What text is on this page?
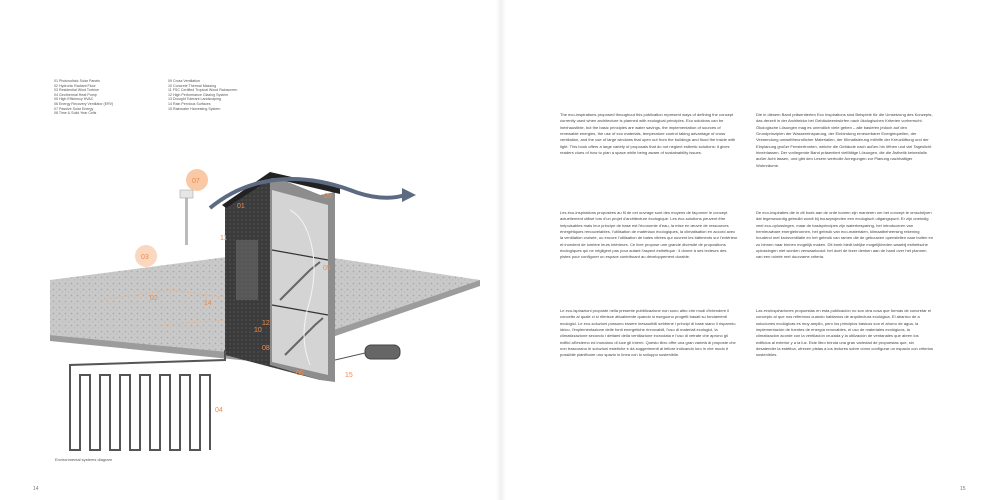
01 Photovoltaic Solar Panels
02 Hydronic Radiant Floor
03 Residential Wind Turbine
04 Geothermal Heat Pump
05 High Efficiency HVAC
06 Energy Recovery Ventilator (ERV)
07 Passive Solar Energy
08 Time & Solid Year Cells
09 Cross Ventilation
10 Concrete Thermal Massing
11 FSC Certified Tropical Wood Rainscreen
12 High Performance Glazing System
13 Drought Tolerant Landscaping
14 Rain Pervious Surfaces
15 Rainwater Harvesting System
07
03
01
09
02
11
05
12
14
10
08
06	15
04
Environmental systems diagram
14	15
The eco-inspirations proposed throughout this publication represent ways of defining the concept currently used when architecture is planned with ecological principles. Eco solutions can be inexhaustible, but the basic principles are water savings, the implementation of sources of renewable energies, the use of eco materials, temperature control taking advantage of cross ventilation, and the use of large windows that open out from the buildings and flood the inside with light. This book offers a large variety of proposals that do not neglect esthetic solutions: it gives readers clues of how to plan a space while being aware of sustainability issues.
Die in diesem Band präsentierten Eco Inspirations sind Beispiele für die Umsetzung des Konzepts, das derzeit in der Architektur bei Gebäudeentwürfen nach ökologischen Kriterien vorherrscht. Ökologische Lösungen mag es unendlich viele geben – alle basieren jedoch auf den Grundprinzipien der Wassereinsparung, der Einbindung erneuerbarer Energiequellen, der Verwendung umweltfreundlicher Materialien, der Klimatisierung mithilfe der Kreuzlüftung und der Einplanung großer Fensterfronten, welche die Gebäude nach außen hin öffnen und viel Tageslicht hineinlassen. Der vorliegende Band präsentiert vielfältige Lösungen, die die Ästhetik keinesfalls außer Acht lassen, und gibt den Lesern wertvolle Anregungen zur Planung nachhaltiger Wohnräume.
Les éco-inspirations proposées au fil de cet ouvrage sont des moyens de façonner le concept actuellement utilisé lors d'un projet d'architecture écologique. Les éco-solutions peuvent être inépuisables mais leur principe de base est l'économie d'eau, la mise en œuvre de ressources énergétiques renouvelables, l'utilisation de matériaux écologiques, la climatisation en accord avec la ventilation croisée, ou encore l'utilisation de baies vitrées qui ouvrent les bâtiments sur l'extérieur et inondent de lumière leurs intérieurs. Ce livre propose une grande diversité de propositions écologiques qui ne négligent pas pour autant l'aspect esthétique : il donne à ses lecteurs des pistes pour configurer un espace contribuant au développement durable.
De eco-inspiraties die in dit boek aan de orde komen zijn manieren om het concept te omschrijven dat tegenwoordig gebruikt wordt bij bouwprojecten een ecologisch uitgangspunt. Er zijn oneindig veel eco-oplossingen, maar de basisprincipes zijn waterbesparing, het introduceren van hernieuwbare energiebronnen, het gebruik van eco-materialen, klimaatbeheersing rekening houdend met kruisventilatie en het gebruik van ramen die de gebouwen openstellen naar buiten en zo binnen naar binnen mogelijk maken. Dit boek biedt talrijke mogelijkheden waarbij esthetische oplossingen niet worden verwaarloosd: het doet de lezer denken aan de hand over het plannen van een ruimte met duurzame criteria.
Le eco-ispirazioni proposte nella presente pubblicazione non sono altro che modi d'intendere il concetto al quale ci si riferisce attualmente quando si eseguono progetti basati su fondamenti ecologici. Le eco-soluzioni possono essere inesauribili sebbene i principi di base siano il risparmio idrico, l'implementazione delle fonti energetiche rinnovabili, l'uso di materiali ecologici, la climatizzazione secondo i dettami della ventilazione incrociata e l'uso di vetrate che aprono gli edifici all'esterno ed inondano di luce gli interni. Questo libro offre una gran varietà di proposte che non trascurano le soluzioni estetiche e dà suggerimenti al lettore indicando loro in che modo è possibile pianificare uno spazio in linea con lo sviluppo sostenibile.
Las ecoinspiraciones propuestas en esta publicación no son otra cosa que formas de concretar el concepto al que nos referimos cuando hablamos de arquitectura ecológica. El abanico de a soluciones ecológicas es muy amplio, pero los principios básicos son el ahorro de agua, la implementación de fuentes de energía renovables, el uso de materiales ecológicos, la climatización acorde con la ventilación cruzada y la utilización de ventanales que abren los edificios al exterior y a la luz. Este libro brinda una gran variedad de propuestas que, sin desatender la estética, ofrecen pistas a los lectores sobre cómo configurar un espacio con criterios sostenibles.
